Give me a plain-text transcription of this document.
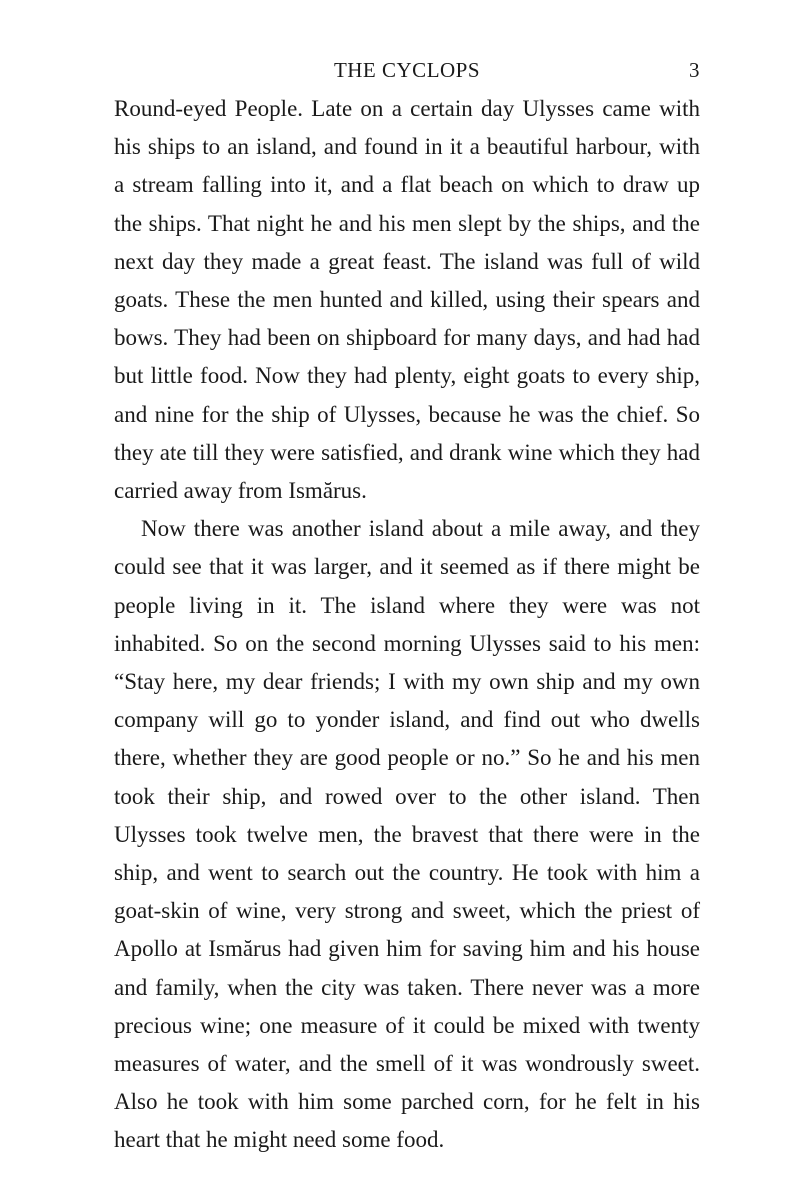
THE CYCLOPS	3

Round-eyed People. Late on a certain day Ulysses came with his ships to an island, and found in it a beautiful harbour, with a stream falling into it, and a flat beach on which to draw up the ships. That night he and his men slept by the ships, and the next day they made a great feast. The island was full of wild goats. These the men hunted and killed, using their spears and bows. They had been on shipboard for many days, and had had but little food. Now they had plenty, eight goats to every ship, and nine for the ship of Ulysses, because he was the chief. So they ate till they were satisfied, and drank wine which they had carried away from Ismărus.

Now there was another island about a mile away, and they could see that it was larger, and it seemed as if there might be people living in it. The island where they were was not inhabited. So on the second morning Ulysses said to his men: “Stay here, my dear friends; I with my own ship and my own company will go to yonder island, and find out who dwells there, whether they are good people or no.” So he and his men took their ship, and rowed over to the other island. Then Ulysses took twelve men, the bravest that there were in the ship, and went to search out the country. He took with him a goat-skin of wine, very strong and sweet, which the priest of Apollo at Ismărus had given him for saving him and his house and family, when the city was taken. There never was a more precious wine; one measure of it could be mixed with twenty measures of water, and the smell of it was wondrously sweet. Also he took with him some parched corn, for he felt in his heart that he might need some food.
